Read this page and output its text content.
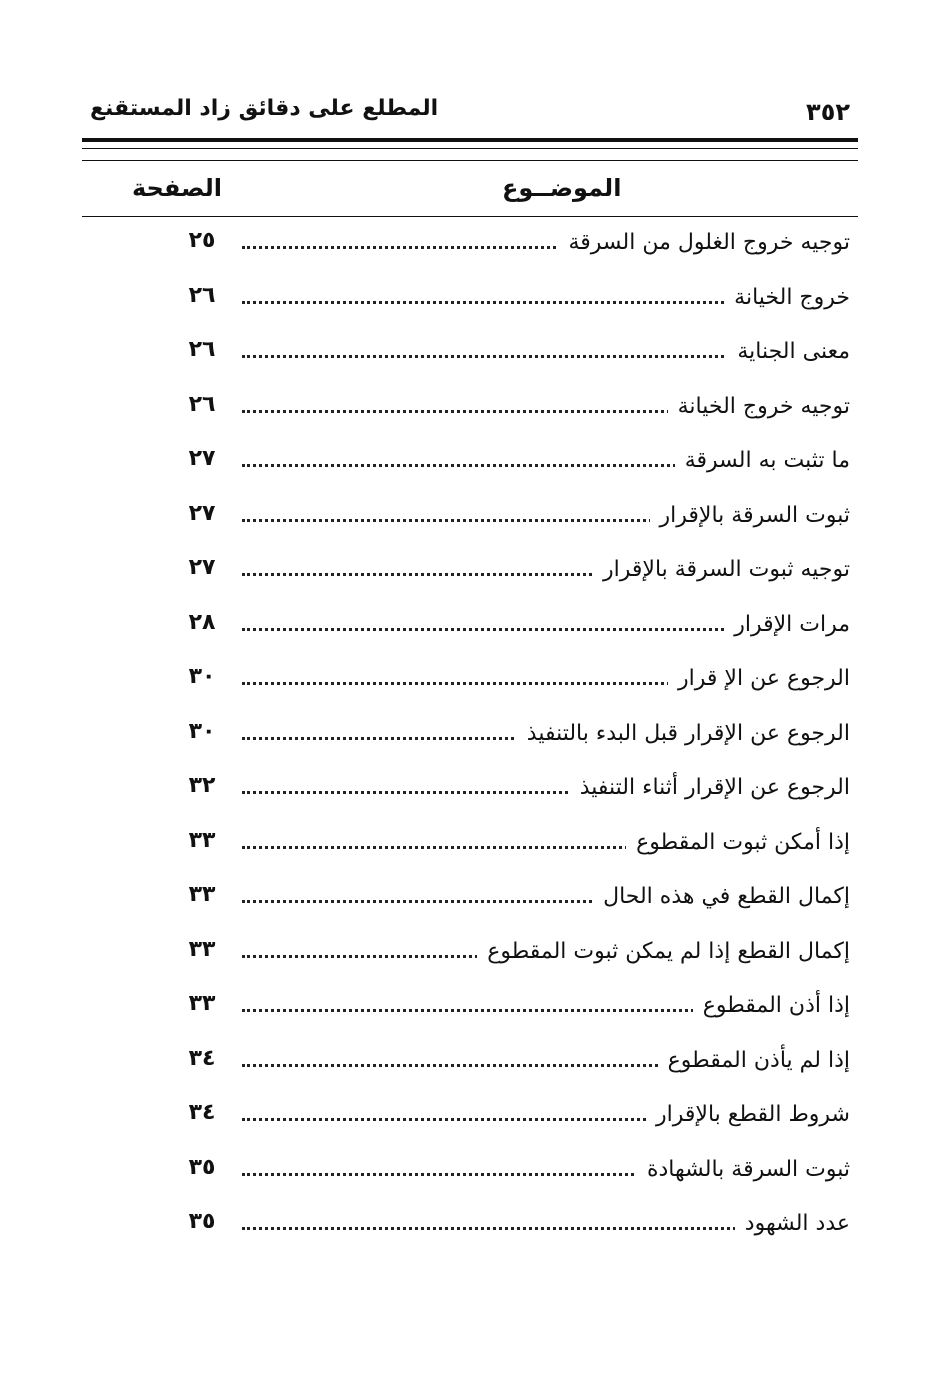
٣٥٢
المطلع على دقائق زاد المستقنع
الموضــوع
الصفحة
توجيه خروج الغلول من السرقة
٢٥
خروج الخيانة
٢٦
معنى الجناية
٢٦
توجيه خروج الخيانة
٢٦
ما تثبت به السرقة
٢٧
ثبوت السرقة بالإقرار
٢٧
توجيه ثبوت السرقة بالإقرار
٢٧
مرات الإقرار
٢٨
الرجوع عن الإ قرار
٣٠
الرجوع عن الإقرار قبل البدء بالتنفيذ
٣٠
الرجوع عن الإقرار أثناء التنفيذ
٣٢
إذا أمكن ثبوت المقطوع
٣٣
إكمال القطع في هذه الحال
٣٣
إكمال القطع إذا لم يمكن ثبوت المقطوع
٣٣
إذا أذن المقطوع
٣٣
إذا لم يأذن المقطوع
٣٤
شروط القطع بالإقرار
٣٤
ثبوت السرقة بالشهادة
٣٥
عدد الشهود
٣٥
